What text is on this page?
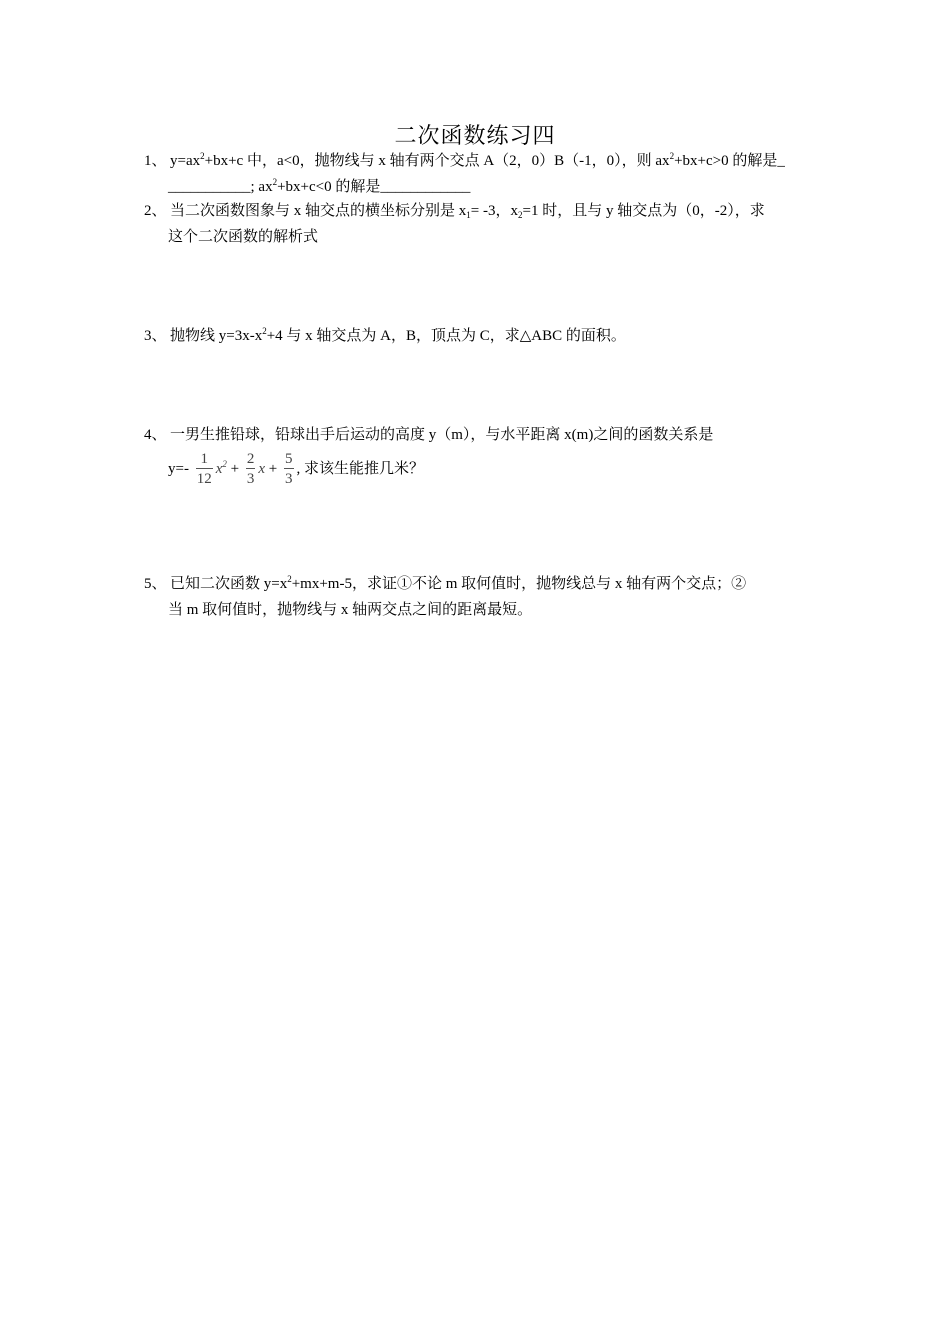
二次函数练习四
1、 $y=ax^2+bx+c$ 中，a<0，抛物线与 x 轴有两个交点 A（2，0）B（-1，0），则 $ax^2+bx+c>0$ 的解是_
___________; $ax^2+bx+c<0$ 的解是____________
2、 当二次函数图象与 x 轴交点的横坐标分别是 $x_1= -3$，$x_2=1$ 时，且与 y 轴交点为（0，-2），求
这个二次函数的解析式
3、 抛物线 $y=3x-x^2+4$ 与 x 轴交点为 A，B，顶点为 C，求△ABC 的面积。
4、 一男生推铅球，铅球出手后运动的高度 y（m），与水平距离 x(m)之间的函数关系是
$y=- \frac{1}{12} x^2 + \frac{2}{3}$ $x + \frac{5}{3}$ , 求该生能推几米？
5、 已知二次函数 $y=x^2+mx+m-5$，求证①不论 m 取何值时，抛物线总与 x 轴有两个交点；②
当 m 取何值时，抛物线与 x 轴两交点之间的距离最短。
